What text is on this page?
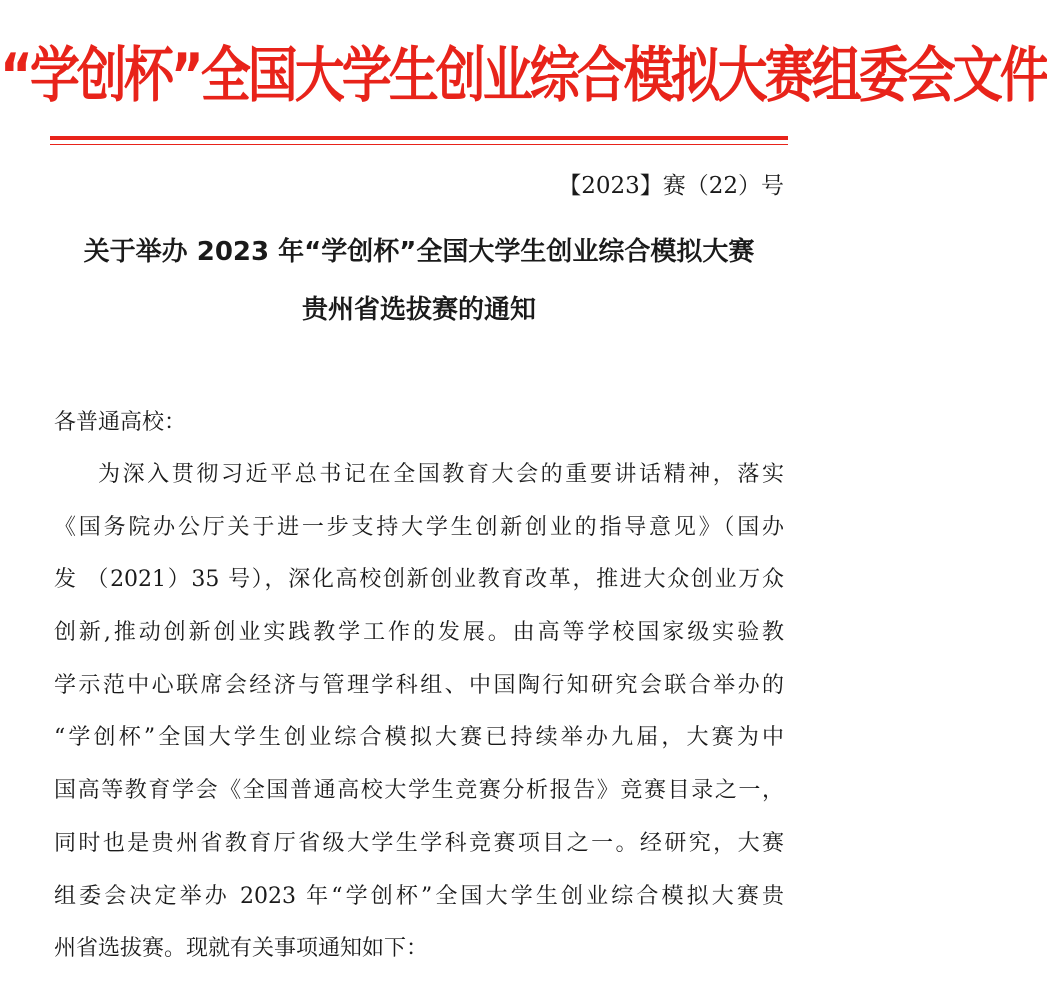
“学创杯”全国大学生创业综合模拟大赛组委会文件
【2023】赛（22）号
关于举办 2023 年“学创杯”全国大学生创业综合模拟大赛
贵州省选拔赛的通知
各普通高校：
为深入贯彻习近平总书记在全国教育大会的重要讲话精神，落实
《国务院办公厅关于进一步支持大学生创新创业的指导意见》（国办
发 （2021）35 号），深化高校创新创业教育改革，推进大众创业万众
创新,推动创新创业实践教学工作的发展。由高等学校国家级实验教
学示范中心联席会经济与管理学科组、中国陶行知研究会联合举办的
“学创杯”全国大学生创业综合模拟大赛已持续举办九届，大赛为中
国高等教育学会《全国普通高校大学生竞赛分析报告》竞赛目录之一，
同时也是贵州省教育厅省级大学生学科竞赛项目之一。经研究，大赛
组委会决定举办 2023 年“学创杯”全国大学生创业综合模拟大赛贵
州省选拔赛。现就有关事项通知如下：
